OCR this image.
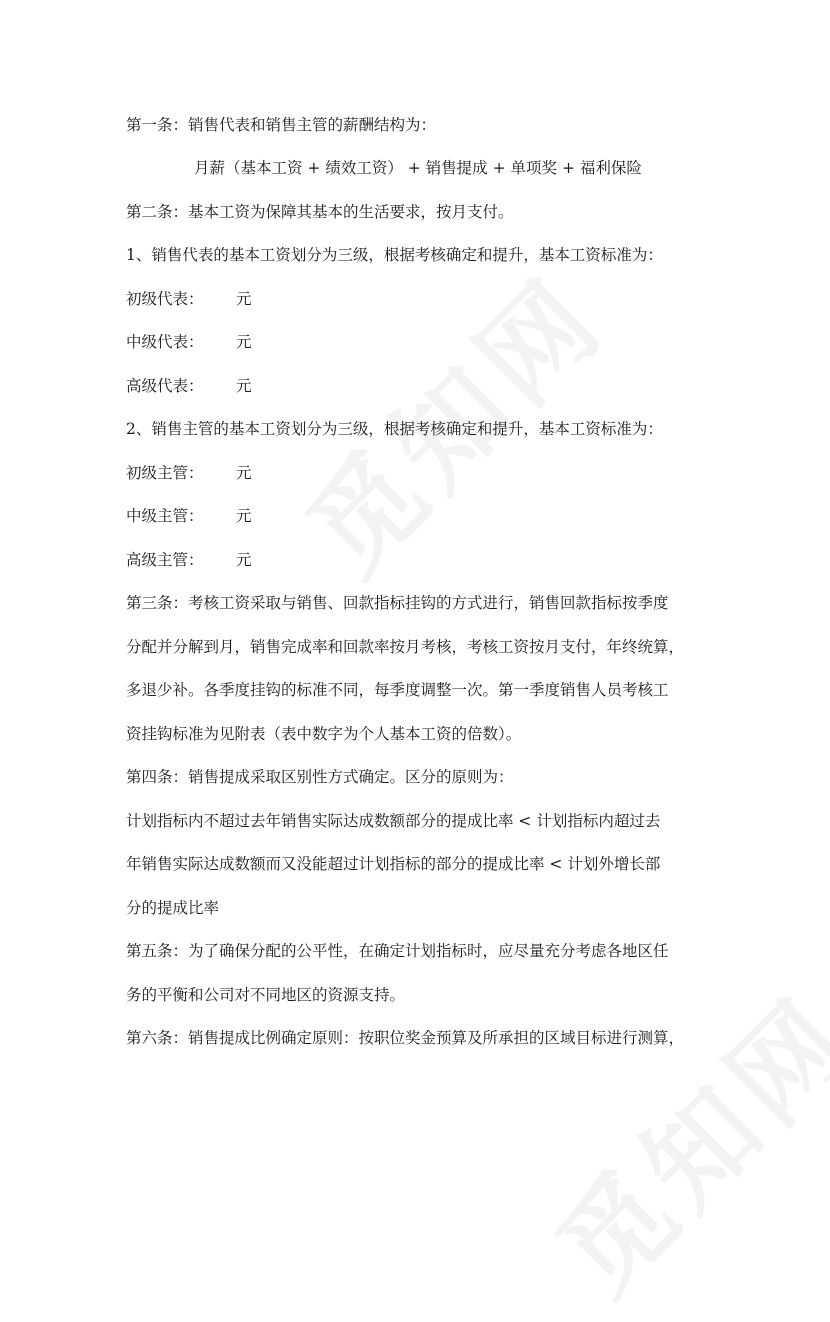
第一条：销售代表和销售主管的薪酬结构为：
月薪（基本工资 + 绩效工资） + 销售提成 + 单项奖 + 福利保险
第二条：基本工资为保障其基本的生活要求，按月支付。
1、销售代表的基本工资划分为三级，根据考核确定和提升，基本工资标准为：
初级代表： 元
中级代表： 元
高级代表： 元
2、销售主管的基本工资划分为三级，根据考核确定和提升，基本工资标准为：
初级主管： 元
中级主管： 元
高级主管： 元
第三条：考核工资采取与销售、回款指标挂钩的方式进行，销售回款指标按季度
分配并分解到月，销售完成率和回款率按月考核，考核工资按月支付，年终统算，
多退少补。各季度挂钩的标准不同，每季度调整一次。第一季度销售人员考核工
资挂钩标准为见附表（表中数字为个人基本工资的倍数）。
第四条：销售提成采取区别性方式确定。区分的原则为：
计划指标内不超过去年销售实际达成数额部分的提成比率 < 计划指标内超过去
年销售实际达成数额而又没能超过计划指标的部分的提成比率 < 计划外增长部
分的提成比率
第五条：为了确保分配的公平性，在确定计划指标时，应尽量充分考虑各地区任
务的平衡和公司对不同地区的资源支持。
第六条：销售提成比例确定原则：按职位奖金预算及所承担的区域目标进行测算，
